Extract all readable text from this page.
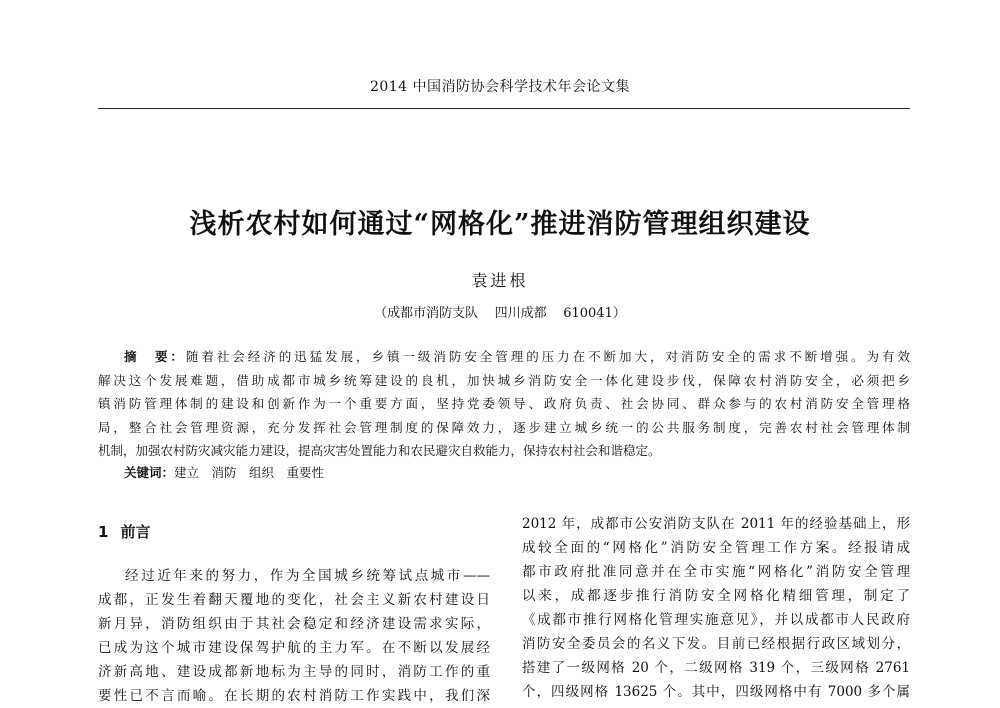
2014 中国消防协会科学技术年会论文集
浅析农村如何通过“网格化”推进消防管理组织建设
袁进根
（成都市消防支队    四川成都    610041）
摘　要：随着社会经济的迅猛发展，乡镇一级消防安全管理的压力在不断加大，对消防安全的需求不断增强。为有效
解决这个发展难题，借助成都市城乡统筹建设的良机，加快城乡消防安全一体化建设步伐，保障农村消防安全，必须把乡
镇消防管理体制的建设和创新作为一个重要方面，坚持党委领导、政府负责、社会协同、群众参与的农村消防安全管理格
局，整合社会管理资源，充分发挥社会管理制度的保障效力，逐步建立城乡统一的公共服务制度，完善农村社会管理体制
机制，加强农村防灾减灾能力建设，提高灾害处置能力和农民避灾自救能力，保持农村社会和谐稳定。
关键词：建立　消防　组织　重要性
1 前言
经过近年来的努力，作为全国城乡统筹试点城市——
成都，正发生着翻天覆地的变化，社会主义新农村建设日
新月异，消防组织由于其社会稳定和经济建设需求实际，
已成为这个城市建设保驾护航的主力军。在不断以发展经
济新高地、建设成都新地标为主导的同时，消防工作的重
要性已不言而喻。在长期的农村消防工作实践中，我们深
2012 年，成都市公安消防支队在 2011 年的经验基础上，形
成较全面的“网格化”消防安全管理工作方案。经报请成
都市政府批准同意并在全市实施“网格化”消防安全管理
以来，成都逐步推行消防安全网格化精细管理，制定了
《成都市推行网格化管理实施意见》，并以成都市人民政府
消防安全委员会的名义下发。目前已经根据行政区域划分，
搭建了一级网格 20 个，二级网格 319 个，三级网格 2761
个，四级网格 13625 个。其中，四级网格中有 7000 多个属
